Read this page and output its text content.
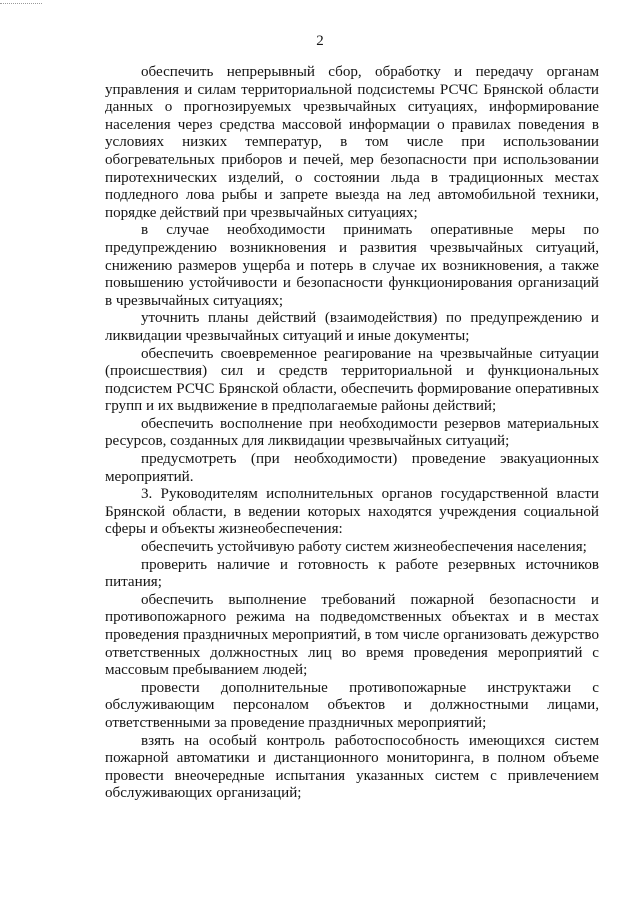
2

обеспечить непрерывный сбор, обработку и передачу органам управления и силам территориальной подсистемы РСЧС Брянской области данных о прогнозируемых чрезвычайных ситуациях, информирование населения через средства массовой информации о правилах поведения в условиях низких температур, в том числе при использовании обогревательных приборов и печей, мер безопасности при использовании пиротехнических изделий, о состоянии льда в традиционных местах подледного лова рыбы и запрете выезда на лед автомобильной техники, порядке действий при чрезвычайных ситуациях;

в случае необходимости принимать оперативные меры по предупреждению возникновения и развития чрезвычайных ситуаций, снижению размеров ущерба и потерь в случае их возникновения, а также повышению устойчивости и безопасности функционирования организаций в чрезвычайных ситуациях;

уточнить планы действий (взаимодействия) по предупреждению и ликвидации чрезвычайных ситуаций и иные документы;

обеспечить своевременное реагирование на чрезвычайные ситуации (происшествия) сил и средств территориальной и функциональных подсистем РСЧС Брянской области, обеспечить формирование оперативных групп и их выдвижение в предполагаемые районы действий;

обеспечить восполнение при необходимости резервов материальных ресурсов, созданных для ликвидации чрезвычайных ситуаций;

предусмотреть (при необходимости) проведение эвакуационных мероприятий.

3. Руководителям исполнительных органов государственной власти Брянской области, в ведении которых находятся учреждения социальной сферы и объекты жизнеобеспечения:

обеспечить устойчивую работу систем жизнеобеспечения населения;

проверить наличие и готовность к работе резервных источников питания;

обеспечить выполнение требований пожарной безопасности и противопожарного режима на подведомственных объектах и в местах проведения праздничных мероприятий, в том числе организовать дежурство ответственных должностных лиц во время проведения мероприятий с массовым пребыванием людей;

провести дополнительные противопожарные инструктажи с обслуживающим персоналом объектов и должностными лицами, ответственными за проведение праздничных мероприятий;

взять на особый контроль работоспособность имеющихся систем пожарной автоматики и дистанционного мониторинга, в полном объеме провести внеочередные испытания указанных систем с привлечением обслуживающих организаций;
